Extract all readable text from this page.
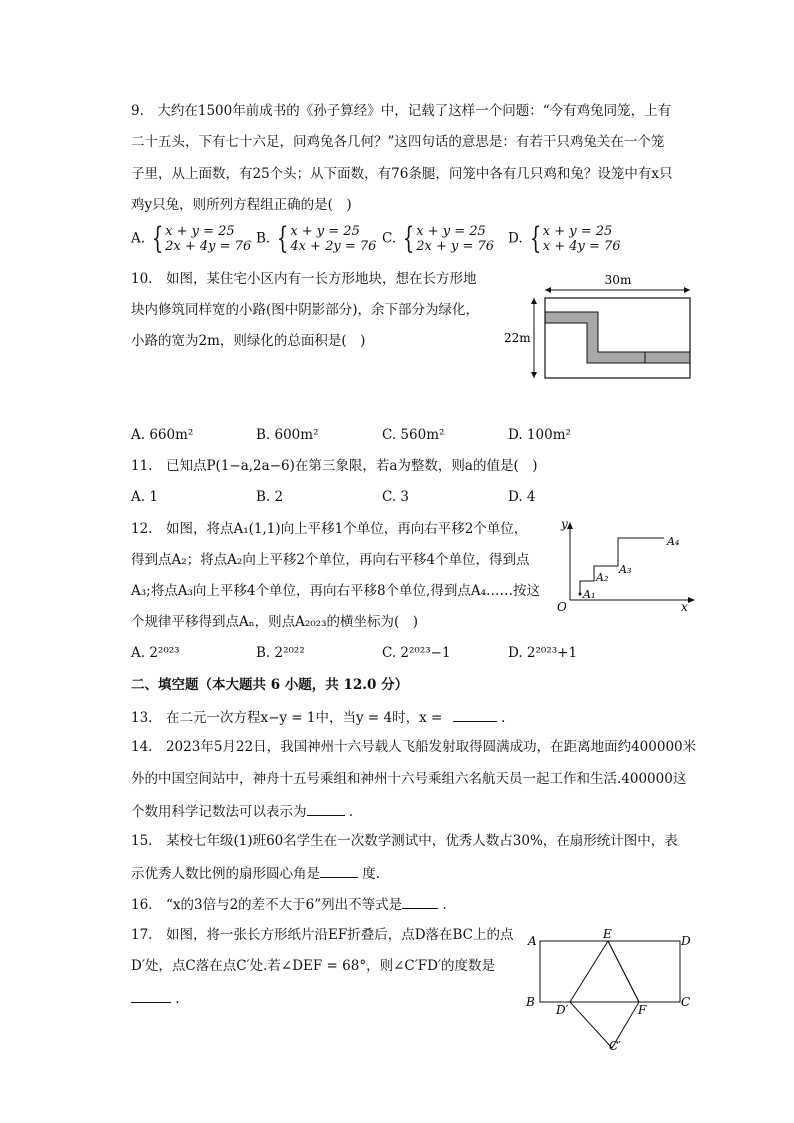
9.　大约在1500年前成书的《孙子算经》中，记载了这样一个问题：“今有鸡兔同笼，上有
二十五头，下有七十六足，问鸡兔各几何？”这四句话的意思是：有若干只鸡兔关在一个笼
子里，从上面数，有25个头；从下面数，有76条腿，问笼中各有几只鸡和兔？设笼中有x只
鸡y只兔，则所列方程组正确的是(　)
A. { x + y = 25
2x + 4y = 76 B. { x + y = 25
4x + 2y = 76 C. { x + y = 25
2x + y = 76 D. { x + y = 25
x + 4y = 76
10.　如图，某住宅小区内有一长方形地块，想在长方形地
块内修筑同样宽的小路(图中阴影部分)，余下部分为绿化，
小路的宽为2m，则绿化的总面积是(　)
30m
22m
A. 660m²	B. 600m²	C. 560m²	D. 100m²
11.　已知点P(1−a,2a−6)在第三象限，若a为整数，则a的值是(　)
A. 1	B. 2	C. 3	D. 4
12.　如图，将点A₁(1,1)向上平移1个单位，再向右平移2个单位，
得到点A₂；将点A₂向上平移2个单位，再向右平移4个单位，得到点
A₃;将点A₃向上平移4个单位，再向右平移8个单位,得到点A₄……按这
个规律平移得到点Aₙ，则点A₂₀₂₃的横坐标为(　)
y
x
O
A₁
A₂
A₃
A₄
A. 2²⁰²³	B. 2²⁰²²	C. 2²⁰²³−1	D. 2²⁰²³+1
二、填空题（本大题共 6 小题，共 12.0 分）
13.　在二元一次方程x−y = 1中，当y = 4时，x =	.
14.　2023年5月22日，我国神州十六号载人飞船发射取得圆满成功，在距离地面约400000米
外的中国空间站中，神舟十五号乘组和神州十六号乘组六名航天员一起工作和生活.400000这
个数用科学记数法可以表示为	.
15.　某校七年级(1)班60名学生在一次数学测试中，优秀人数占30%，在扇形统计图中，表
示优秀人数比例的扇形圆心角是	度.
16.　“x的3倍与2的差不大于6”列出不等式是	.
17.　如图，将一张长方形纸片沿EF折叠后，点D落在BC上的点
D′处，点C落在点C′处.若∠DEF = 68°，则∠C′FD′的度数是
.
A	E	D
B
D′	F
C
C′
